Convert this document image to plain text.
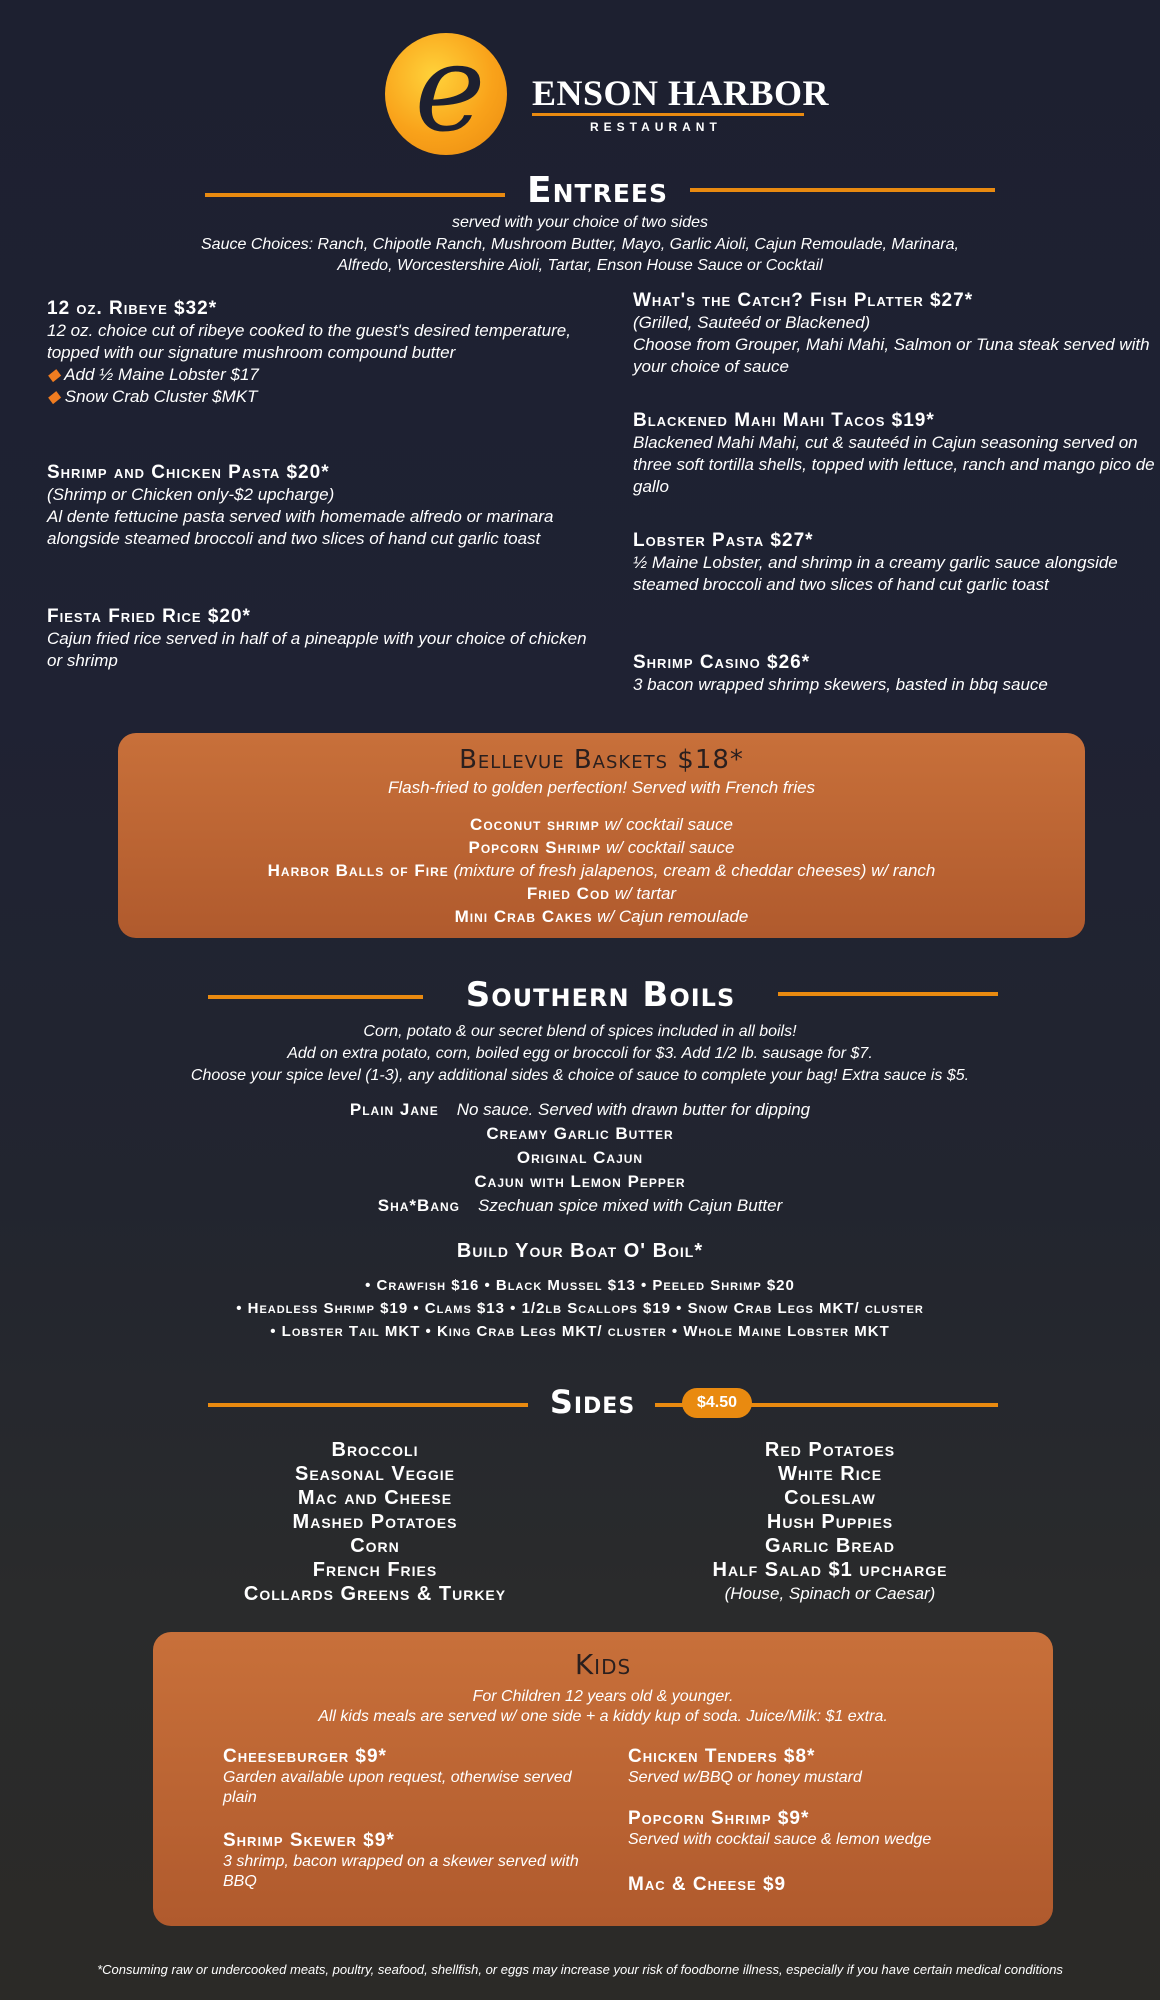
e ENSON HARBOR
RESTAURANT
Entrees
served with your choice of two sides
Sauce Choices: Ranch, Chipotle Ranch, Mushroom Butter, Mayo, Garlic Aioli, Cajun Remoulade, Marinara,
Alfredo, Worcestershire Aioli, Tartar, Enson House Sauce or Cocktail
12 oz. Ribeye $32*
12 oz. choice cut of ribeye cooked to the guest's desired temperature, topped with our signature mushroom compound butter
◆ Add ½ Maine Lobster $17
◆ Snow Crab Cluster $MKT
Shrimp and Chicken Pasta $20*
(Shrimp or Chicken only-$2 upcharge)
Al dente fettucine pasta served with homemade alfredo or marinara alongside steamed broccoli and two slices of hand cut garlic toast
Fiesta Fried Rice $20*
Cajun fried rice served in half of a pineapple with your choice of chicken or shrimp
What's the Catch? Fish Platter $27*
(Grilled, Sauteéd or Blackened)
Choose from Grouper, Mahi Mahi, Salmon or Tuna steak served with your choice of sauce
Blackened Mahi Mahi Tacos $19*
Blackened Mahi Mahi, cut & sauteéd in Cajun seasoning served on three soft tortilla shells, topped with lettuce, ranch and mango pico de gallo
Lobster Pasta $27*
½ Maine Lobster, and shrimp in a creamy garlic sauce alongside steamed broccoli and two slices of hand cut garlic toast
Shrimp Casino $26*
3 bacon wrapped shrimp skewers, basted in bbq sauce
Bellevue Baskets $18*
Flash-fried to golden perfection! Served with French fries
Coconut shrimp w/ cocktail sauce
Popcorn Shrimp w/ cocktail sauce
Harbor Balls of Fire (mixture of fresh jalapenos, cream & cheddar cheeses) w/ ranch
Fried Cod w/ tartar
Mini Crab Cakes w/ Cajun remoulade
Southern Boils
Corn, potato & our secret blend of spices included in all boils!
Add on extra potato, corn, boiled egg or broccoli for $3. Add 1/2 lb. sausage for $7.
Choose your spice level (1-3), any additional sides & choice of sauce to complete your bag! Extra sauce is $5.
Plain Jane No sauce. Served with drawn butter for dipping
Creamy Garlic Butter
Original Cajun
Cajun with Lemon Pepper
Sha*Bang Szechuan spice mixed with Cajun Butter
Build Your Boat O' Boil*
• Crawfish $16 • Black Mussel $13 • Peeled Shrimp $20
• Headless Shrimp $19 • Clams $13 • 1/2lb Scallops $19 • Snow Crab Legs MKT/ cluster
• Lobster Tail MKT • King Crab Legs MKT/ cluster • Whole Maine Lobster MKT
Sides	$4.50
Broccoli
Seasonal Veggie
Mac and Cheese
Mashed Potatoes
Corn
French Fries
Collards Greens & Turkey
Red Potatoes
White Rice
Coleslaw
Hush Puppies
Garlic Bread
Half Salad $1 upcharge
(House, Spinach or Caesar)
Kids
For Children 12 years old & younger.
All kids meals are served w/ one side + a kiddy kup of soda. Juice/Milk: $1 extra.
Cheeseburger $9*
Garden available upon request, otherwise served plain
Shrimp Skewer $9*
3 shrimp, bacon wrapped on a skewer served with BBQ
Chicken Tenders $8*
Served w/BBQ or honey mustard
Popcorn Shrimp $9*
Served with cocktail sauce & lemon wedge
Mac & Cheese $9
*Consuming raw or undercooked meats, poultry, seafood, shellfish, or eggs may increase your risk of foodborne illness, especially if you have certain medical conditions
